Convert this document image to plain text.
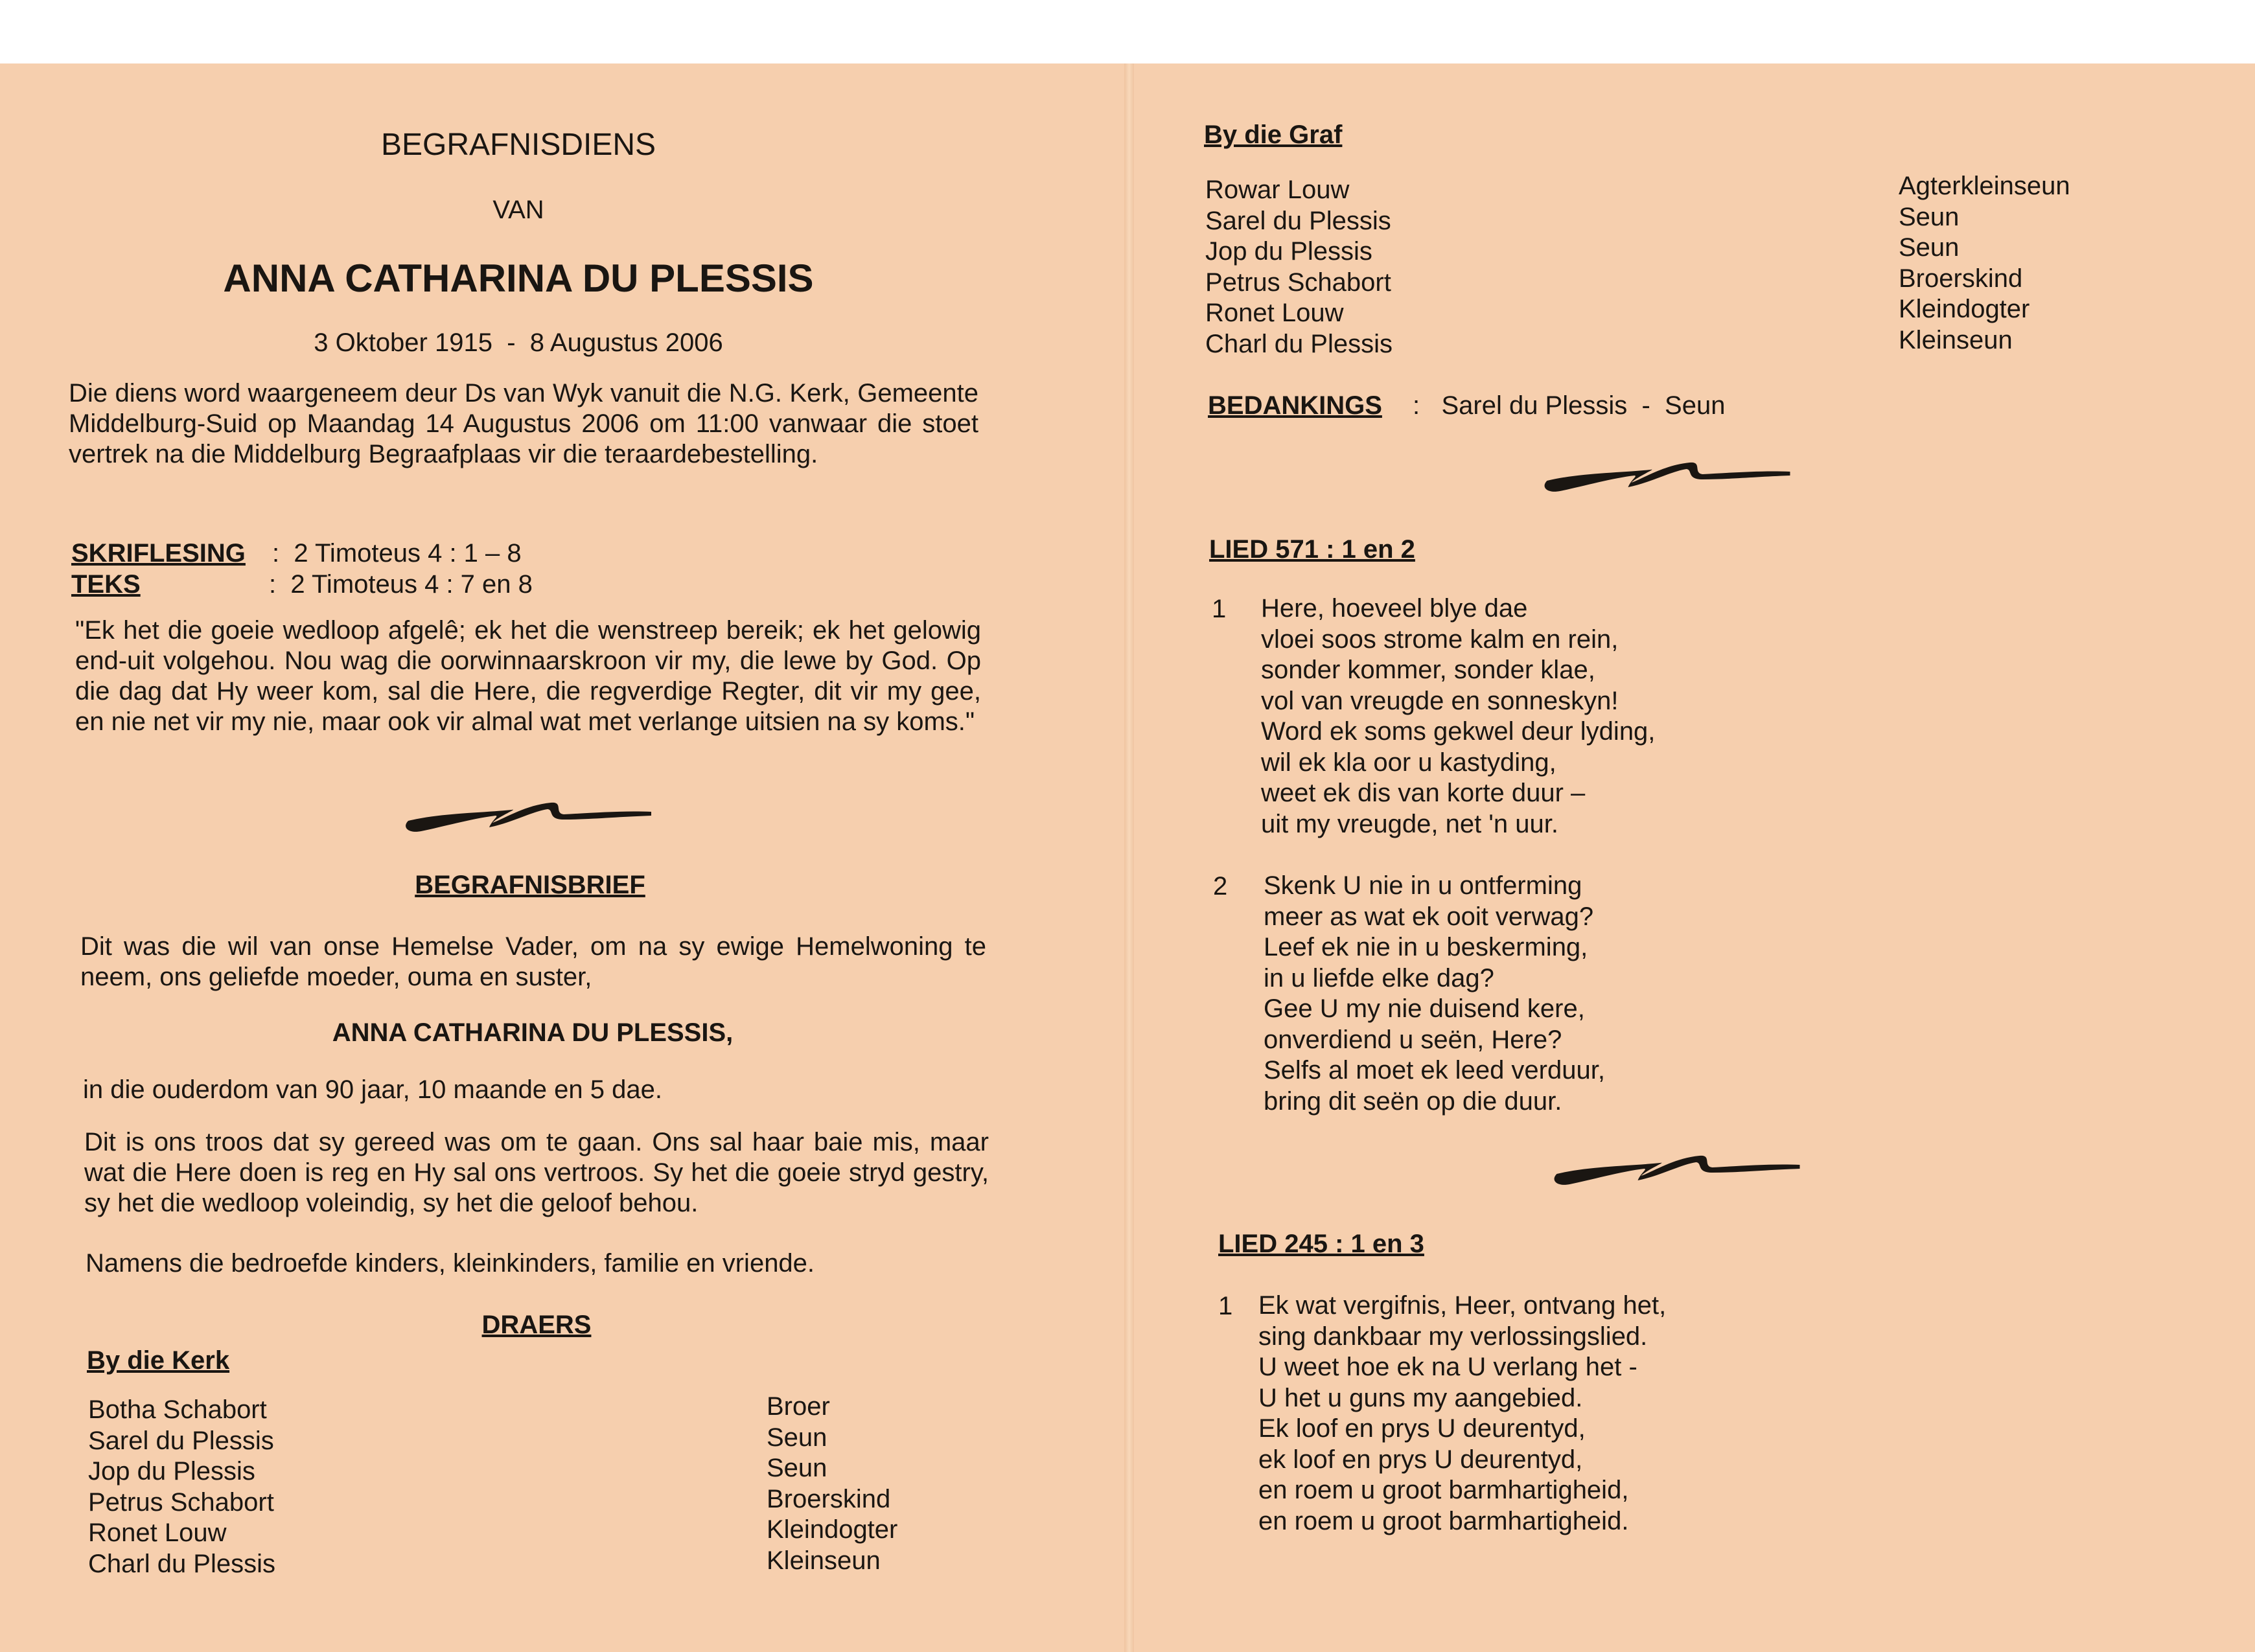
BEGRAFNISDIENS
VAN
ANNA CATHARINA DU PLESSIS
3 Oktober 1915  -  8 Augustus 2006
Die diens word waargeneem deur Ds van Wyk vanuit die N.G. Kerk, Gemeente Middelburg-Suid op Maandag 14 Augustus 2006 om 11:00 vanwaar die stoet vertrek na die Middelburg Begraafplaas vir die teraardebestelling.
SKRIFLESING :  2 Timoteus 4 : 1 – 8
TEKS	:  2 Timoteus 4 : 7 en 8
"Ek het die goeie wedloop afgelê; ek het die wenstreep bereik; ek het gelowig end-uit volgehou. Nou wag die oorwinnaarskroon vir my, die lewe by God. Op die dag dat Hy weer kom, sal die Here, die regverdige Regter, dit vir my gee, en nie net vir my nie, maar ook vir almal wat met verlange uitsien na sy koms."
BEGRAFNISBRIEF
Dit was die wil van onse Hemelse Vader, om na sy ewige Hemelwoning te neem, ons geliefde moeder, ouma en suster,
ANNA CATHARINA DU PLESSIS,
in die ouderdom van 90 jaar, 10 maande en 5 dae.
Dit is ons troos dat sy gereed was om te gaan. Ons sal haar baie mis, maar wat die Here doen is reg en Hy sal ons vertroos. Sy het die goeie stryd gestry, sy het die wedloop voleindig, sy het die geloof behou.
Namens die bedroefde kinders, kleinkinders, familie en vriende.
DRAERS
By die Kerk
Botha Schabort
Sarel du Plessis
Jop du Plessis
Petrus Schabort
Ronet Louw
Charl du Plessis
Broer
Seun
Seun
Broerskind
Kleindogter
Kleinseun
By die Graf
Rowar Louw
Sarel du Plessis
Jop du Plessis
Petrus Schabort
Ronet Louw
Charl du Plessis
Agterkleinseun
Seun
Seun
Broerskind
Kleindogter
Kleinseun
BEDANKINGS :   Sarel du Plessis  -  Seun
LIED 571 : 1 en 2
1 Here, hoeveel blye dae
vloei soos strome kalm en rein,
sonder kommer, sonder klae,
vol van vreugde en sonneskyn!
Word ek soms gekwel deur lyding,
wil ek kla oor u kastyding,
weet ek dis van korte duur –
uit my vreugde, net 'n uur.
2 Skenk U nie in u ontferming
meer as wat ek ooit verwag?
Leef ek nie in u beskerming,
in u liefde elke dag?
Gee U my nie duisend kere,
onverdiend u seën, Here?
Selfs al moet ek leed verduur,
bring dit seën op die duur.
LIED 245 : 1 en 3
1 Ek wat vergifnis, Heer, ontvang het,
sing dankbaar my verlossingslied.
U weet hoe ek na U verlang het -
U het u guns my aangebied.
Ek loof en prys U deurentyd,
ek loof en prys U deurentyd,
en roem u groot barmhartigheid,
en roem u groot barmhartigheid.
